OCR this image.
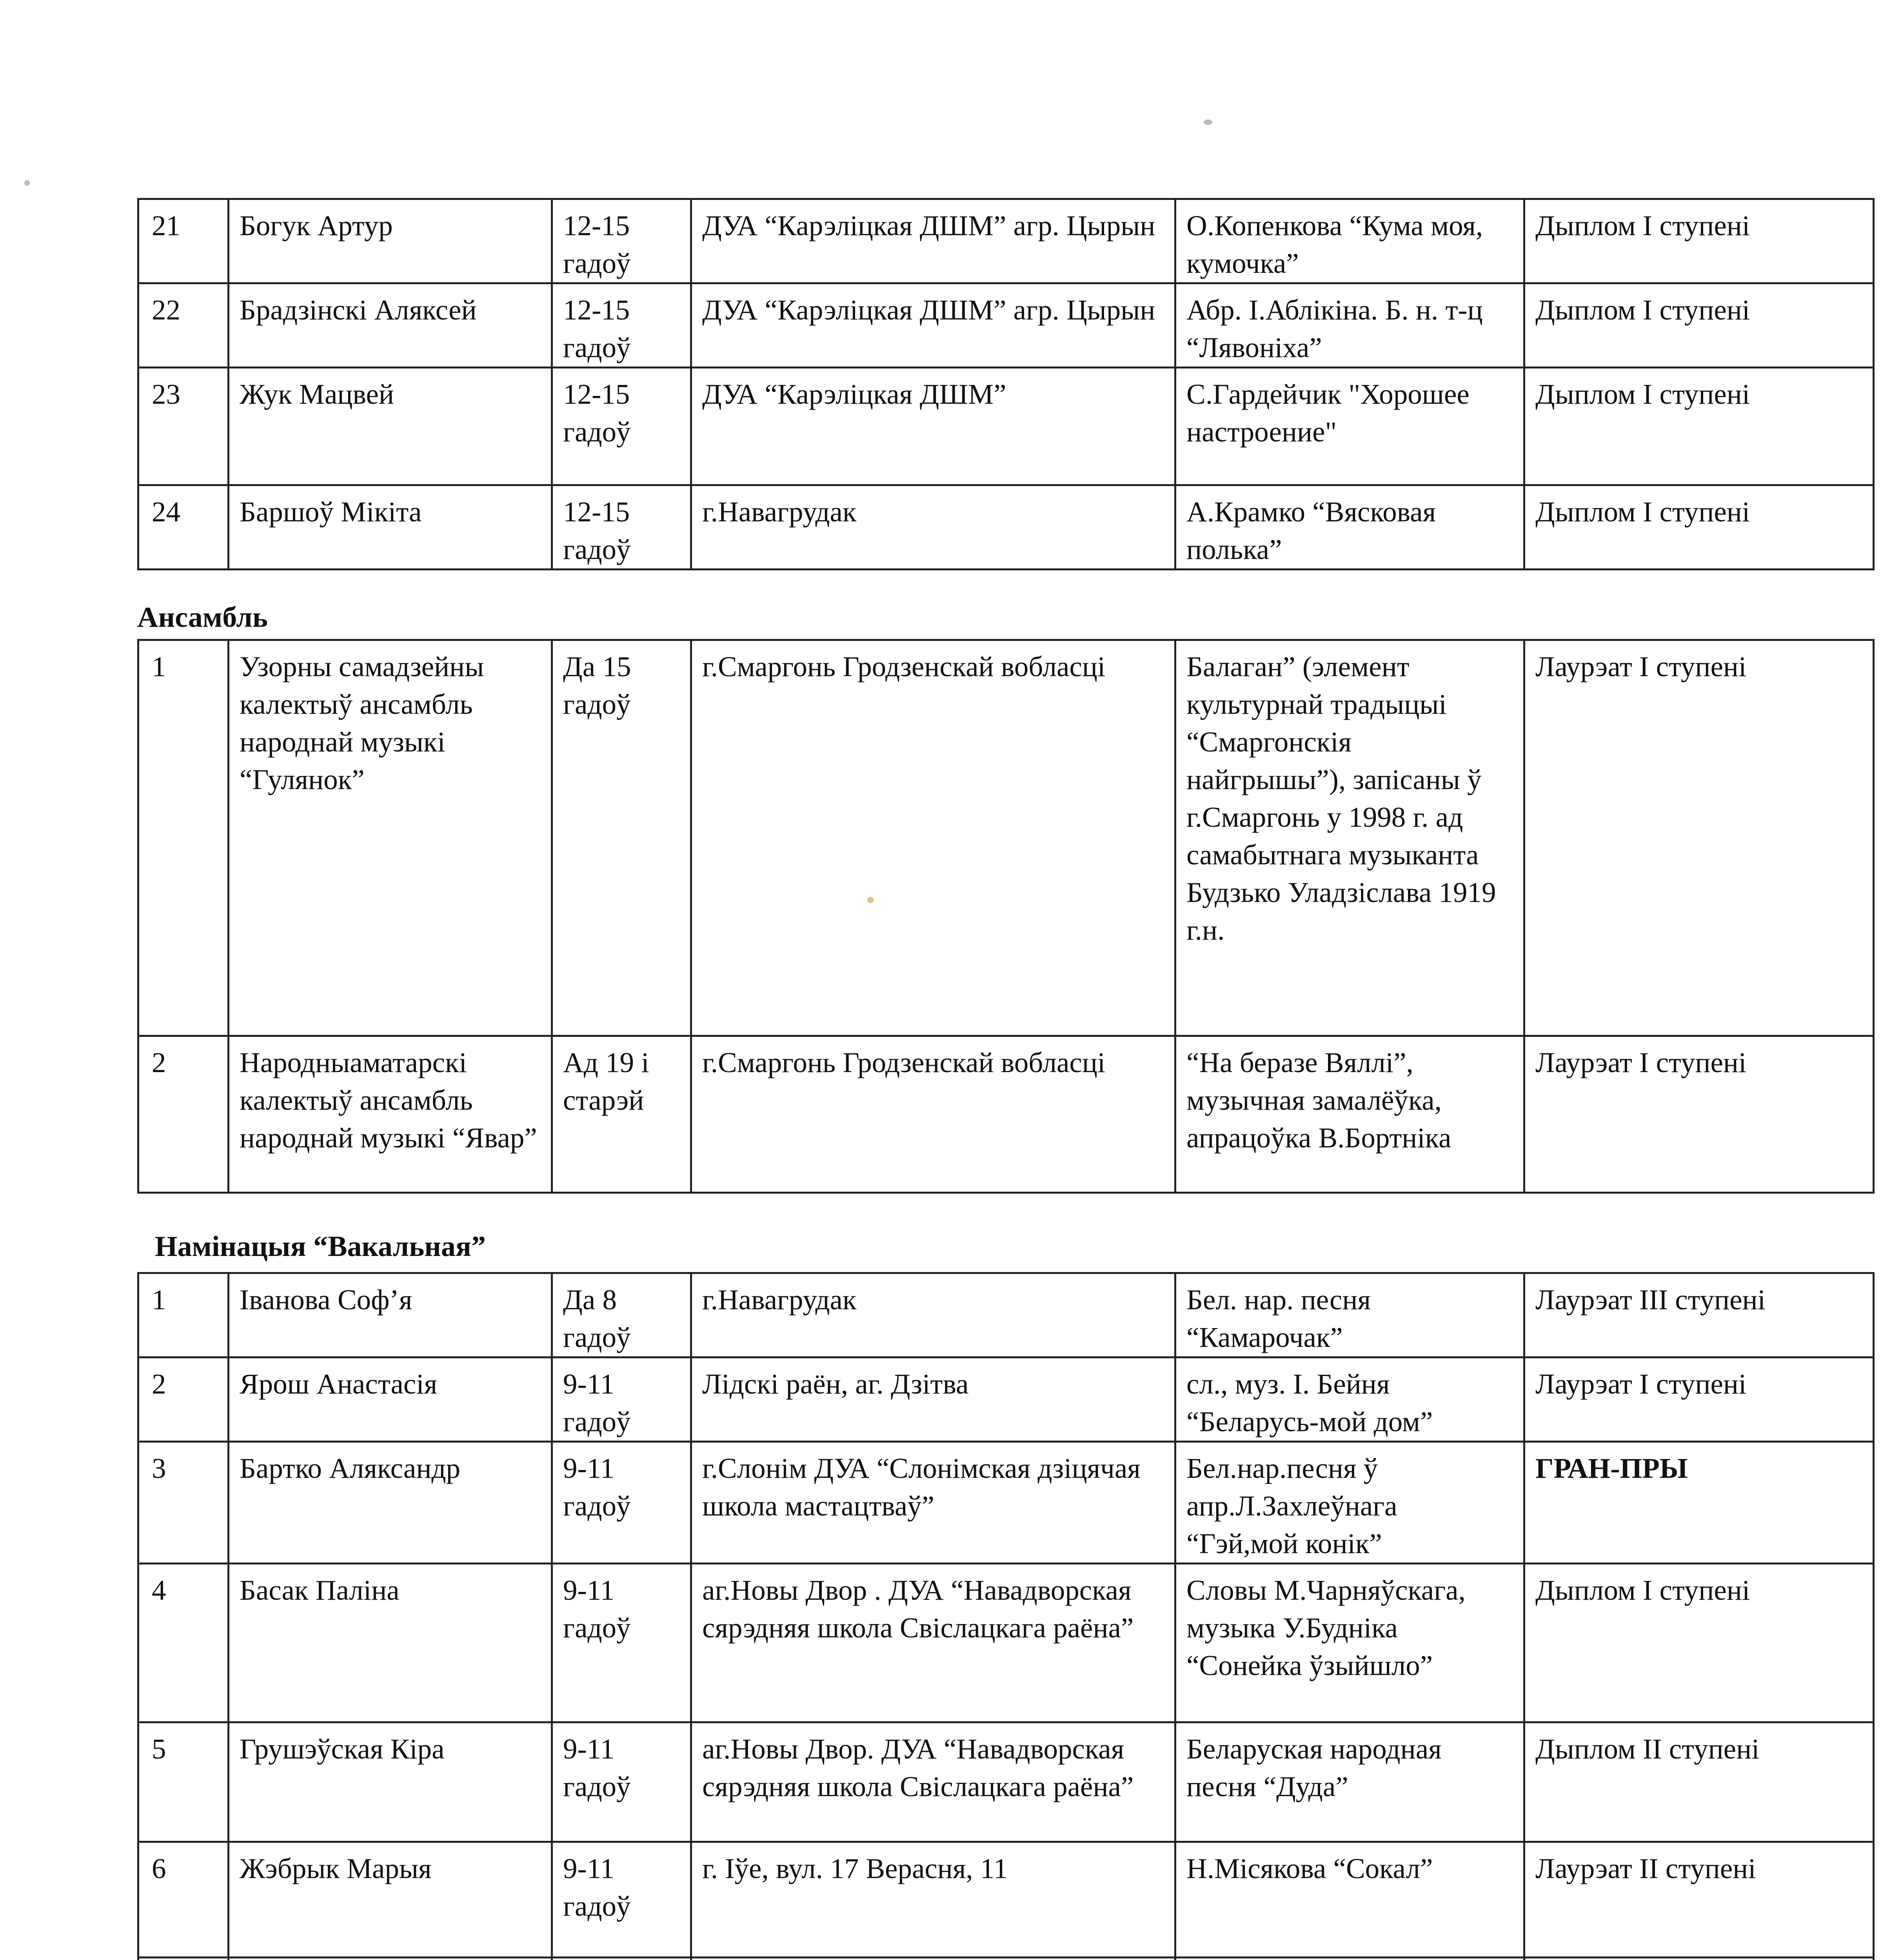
21	Богук Артур	12-15 гадоў	ДУА “Карэліцкая ДШМ” агр. Цырын	О.Копенкова “Кума моя, кумочка”	Дыплом I ступені
22	Брадзінскі Аляксей	12-15 гадоў	ДУА “Карэліцкая ДШМ” агр. Цырын	Абр. І.Аблікіна. Б. н. т-ц “Лявоніха”	Дыплом I ступені
23	Жук Мацвей	12-15 гадоў	ДУА “Карэліцкая ДШМ”	С.Гардейчик "Хорошее настроение"	Дыплом I ступені
24	Баршоў Мікіта	12-15 гадоў	г.Навагрудак	А.Крамко “Вясковая полька”	Дыплом I ступені

Ансамбль

1	Узорны самадзейны калектыў ансамбль народнай музыкі “Гулянок”	Да 15 гадоў	г.Смаргонь Гродзенскай вобласці	Балаган” (элемент культурнай традыцыі “Смаргонскія найгрышы”), запісаны ў г.Смаргонь у 1998 г. ад самабытнага музыканта Будзько Уладзіслава 1919 г.н.	Лаурэат I ступені
2	Народныаматарскі калектыў ансамбль народнай музыкі “Явар”	Ад 19 і старэй	г.Смаргонь Гродзенскай вобласці	“На беразе Вяллі”, музычная замалёўка, апрацоўка В.Бортніка	Лаурэат I ступені

Намінацыя “Вакальная”

1	Іванова Соф’я	Да 8 гадоў	г.Навагрудак	Бел. нар. песня “Камарочак”	Лаурэат III ступені
2	Ярош Анастасія	9-11 гадоў	Лідскі раён, аг. Дзітва	сл., муз. І. Бейня “Беларусь-мой дом”	Лаурэат I ступені
3	Бартко Аляксандр	9-11 гадоў	г.Слонім ДУА “Слонімская дзіцячая школа мастацтваў”	Бел.нар.песня ў апр.Л.Захлеўнага “Гэй,мой конік”	ГРАН-ПРЫ
4	Басак Паліна	9-11 гадоў	аг.Новы Двор . ДУА “Навадворская сярэдняя школа Свіслацкага раёна”	Словы М.Чарняўскага, музыка У.Будніка “Сонейка ўзыйшло”	Дыплом I ступені
5	Грушэўская Кіра	9-11 гадоў	аг.Новы Двор. ДУА “Навадворская сярэдняя школа Свіслацкага раёна”	Беларуская народная песня “Дуда”	Дыплом II ступені
6	Жэбрык Марыя	9-11 гадоў	г. Іўе, вул. 17 Верасня, 11	Н.Місякова “Сокал”	Лаурэат II ступені
